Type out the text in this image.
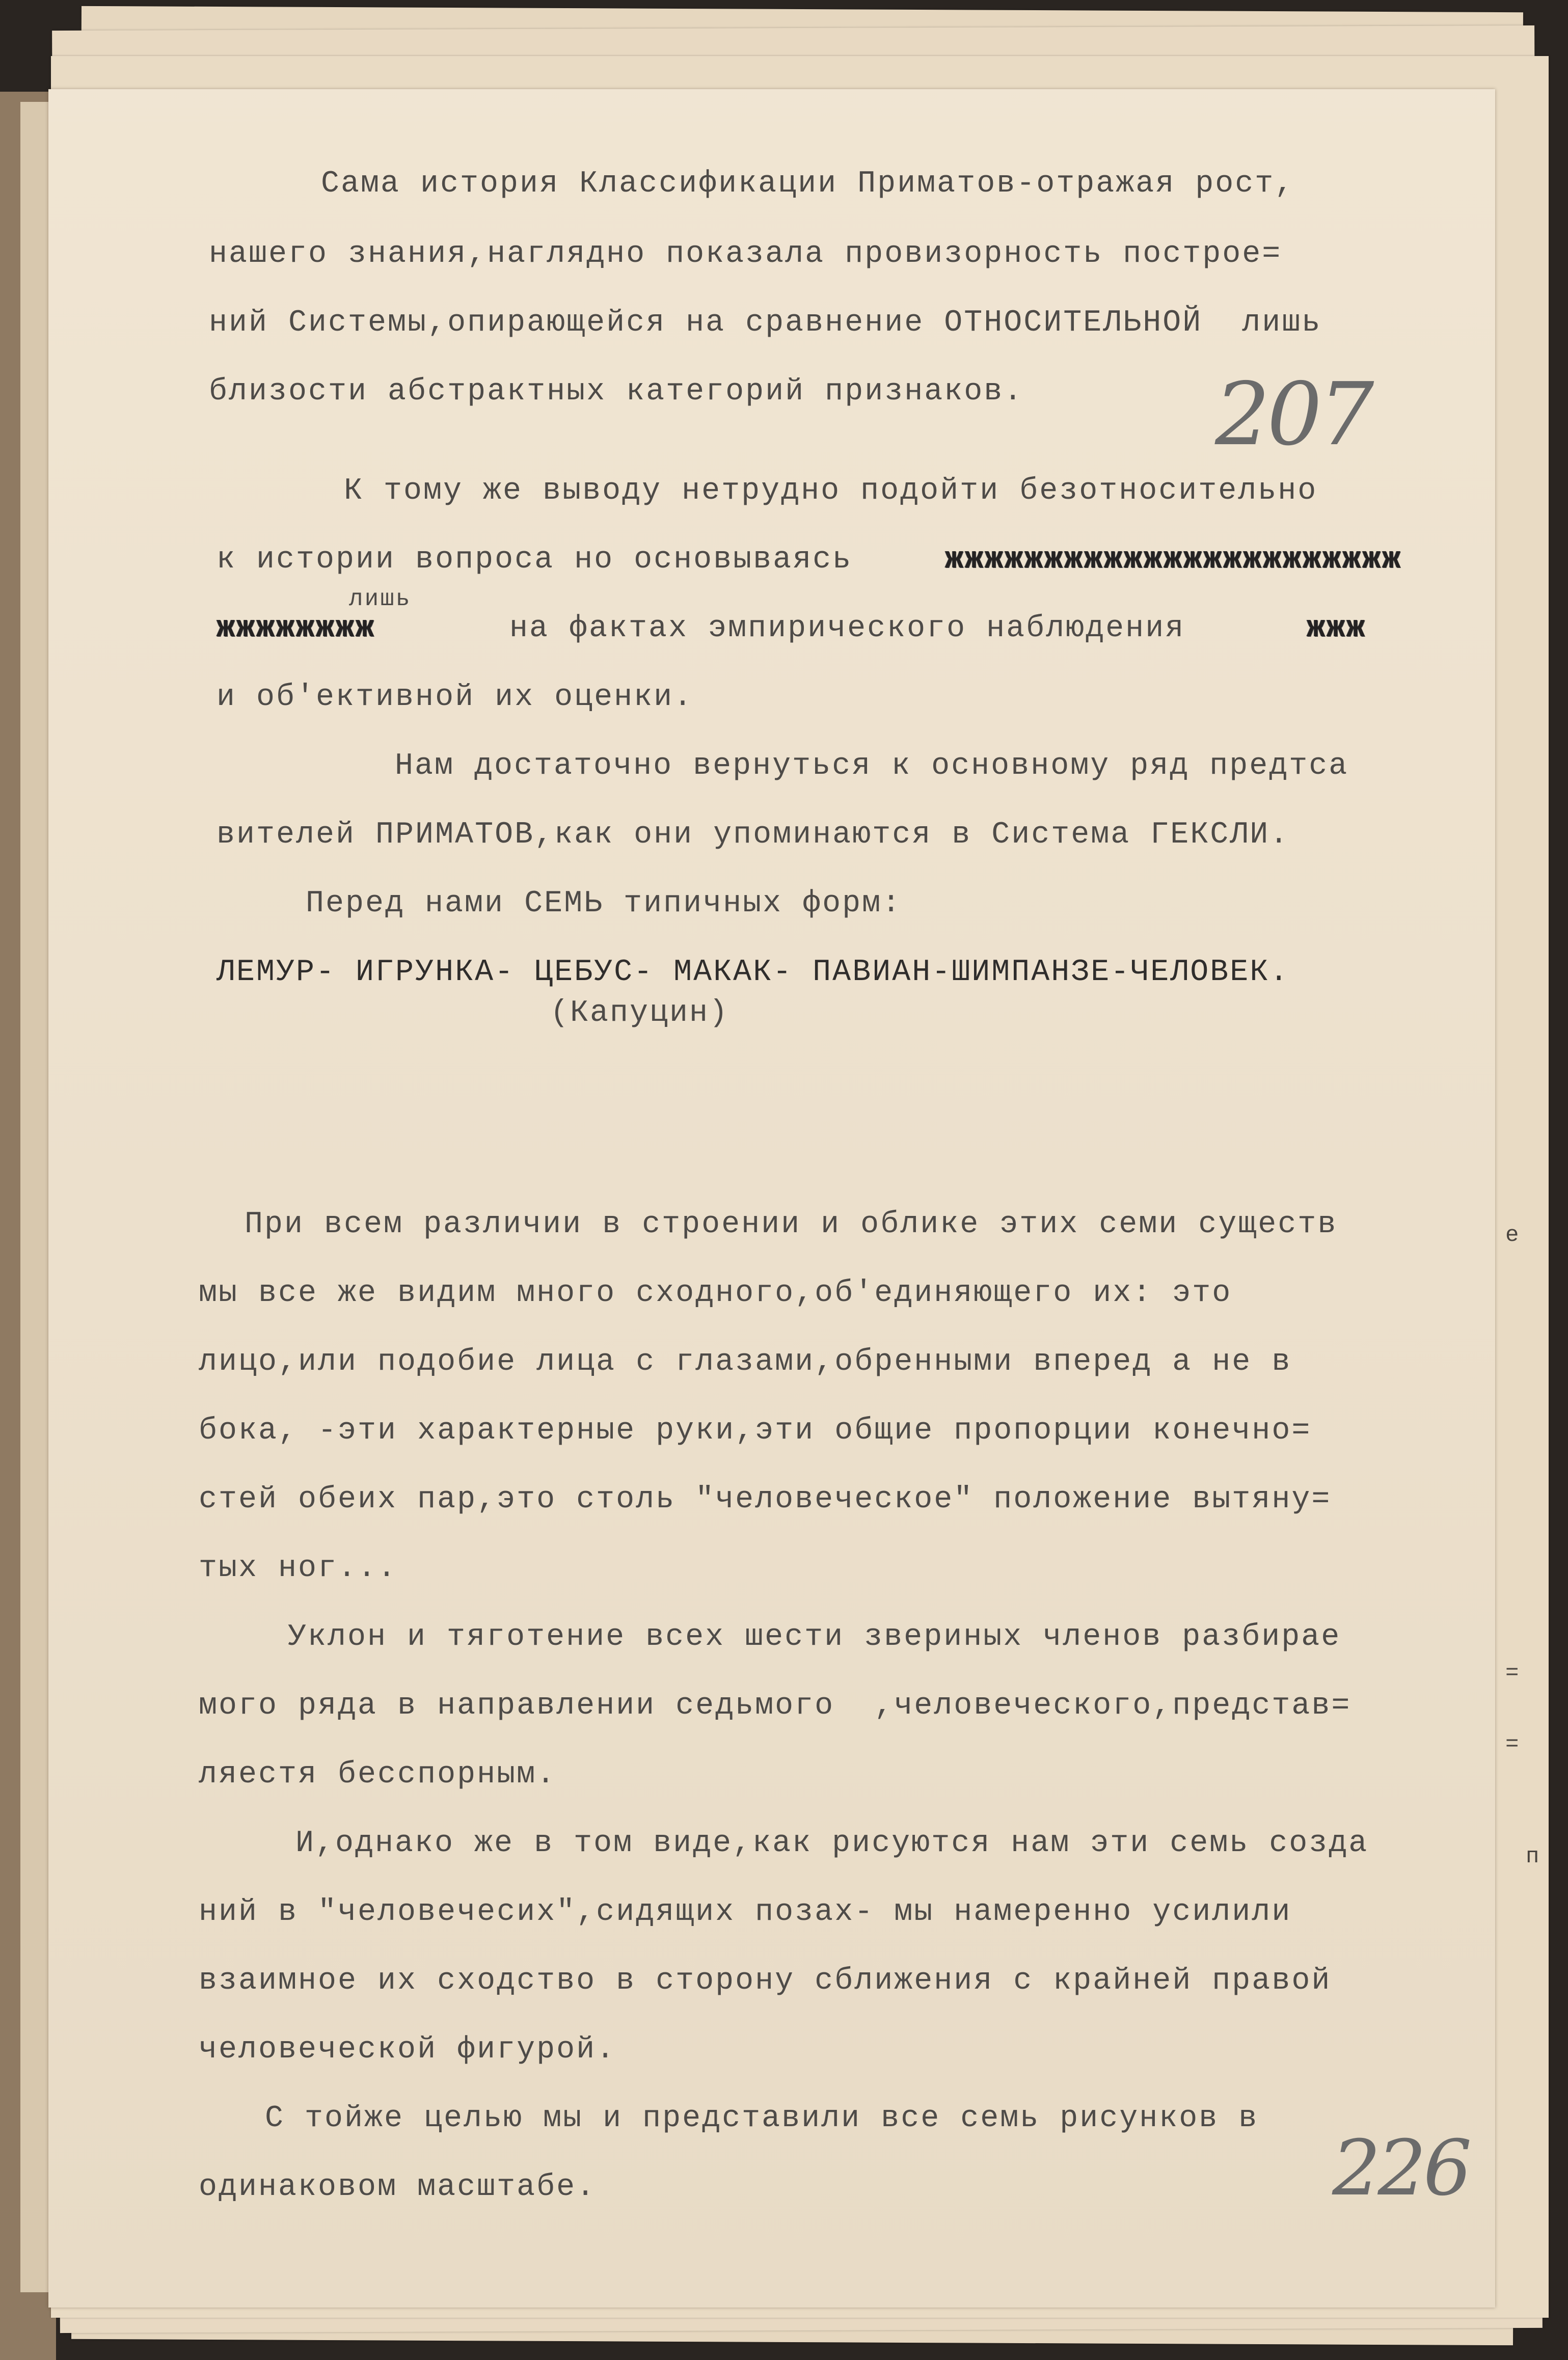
Сама история Классификации Приматов-отражая рост,
нашего знания,наглядно показала провизорность построе=
ний Системы,опирающейся на сравнение ОТНОСИТЕЛЬНОЙ  лишь
близости абстрактных категорий признаков. 207
К тому же выводу нетрудно подойти безотносительно
к истории вопроса но основываясь	жжжжжжжжжжжжжжжжжжжжжжж
лишь
жжжжжжжж	на фактах эмпирического наблюдения	жжж
и об'ективной их оценки.
Нам достаточно вернуться к основному ряд предтса
вителей ПРИМАТОВ,как они упоминаются в Система ГЕКСЛИ.
Перед нами СЕМЬ типичных форм:
ЛЕМУР- ИГРУНКА- ЦЕБУС- МАКАК- ПАВИАН-ШИМПАНЗЕ-ЧЕЛОВЕК.
(Капуцин)
При всем различии в строении и облике этих семи существ
мы все же видим много сходного,об'единяющего их: это
лицо,или подобие лица с глазами,обренными вперед а не в
бока, -эти характерные руки,эти общие пропорции конечно=
стей обеих пар,это столь "человеческое" положение вытяну=
тых ног...
Уклон и тяготение всех шести звериных членов разбирае
мого ряда в направлении седьмого  ,человеческого,представ=
ляестя бесспорным.
И,однако же в том виде,как рисуются нам эти семь созда
ний в "человечесих",сидящих позах- мы намеренно усилили
взаимное их сходство в сторону сближения с крайней правой
человеческой фигурой.
С тойже целью мы и представили все семь рисунков в
одинаковом масштабе.	226
е
=
=
п
